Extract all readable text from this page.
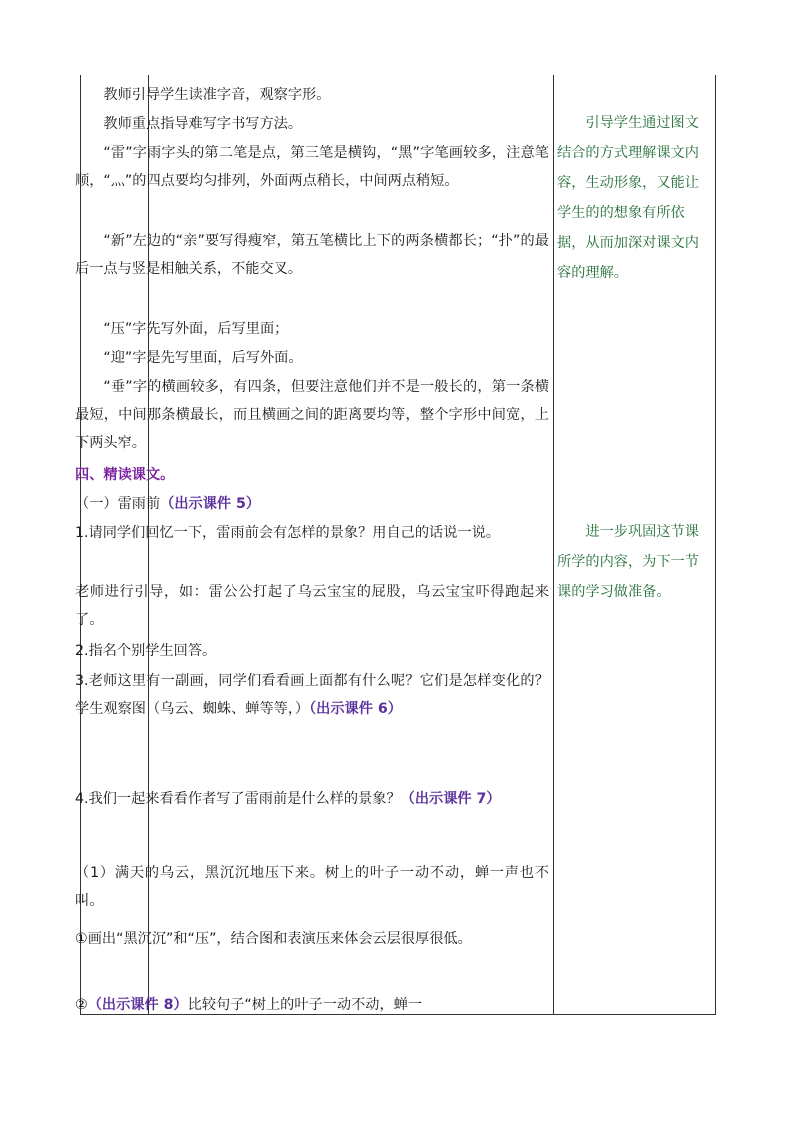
教师引导学生读准字音，观察字形。

教师重点指导难写字书写方法。

“雷”字雨字头的第二笔是点，第三笔是横钩，“黑”字笔画较多，注意笔顺，“灬”的四点要均匀排列，外面两点稍长，中间两点稍短。

“新”左边的“亲”要写得瘦窄，第五笔横比上下的两条横都长；“扑”的最后一点与竖是相触关系，不能交叉。

“压”字先写外面，后写里面；

“迎”字是先写里面，后写外面。

“垂”字的横画较多，有四条，但要注意他们并不是一般长的，第一条横最短，中间那条横最长，而且横画之间的距离要均等，整个字形中间宽，上下两头窄。

四、精读课文。

（一）雷雨前（出示课件 5）

1.请同学们回忆一下，雷雨前会有怎样的景象？用自己的话说一说。

老师进行引导，如：雷公公打起了乌云宝宝的屁股，乌云宝宝吓得跑起来了。

2.指名个别学生回答。

3.老师这里有一副画，同学们看看画上面都有什么呢？它们是怎样变化的？学生观察图（乌云、蜘蛛、蝉等等，）（出示课件 6）

4.我们一起来看看作者写了雷雨前是什么样的景象？（出示课件 7）

（1）满天的乌云，黑沉沉地压下来。树上的叶子一动不动，蝉一声也不叫。

①画出“黑沉沉”和“压”，结合图和表演压来体会云层很厚很低。

②（出示课件 8）比较句子“树上的叶子一动不动，蝉一

引导学生通过图文结合的方式理解课文内容，生动形象，又能让学生的的想象有所依据，从而加深对课文内容的理解。

进一步巩固这节课所学的内容，为下一节课的学习做准备。
